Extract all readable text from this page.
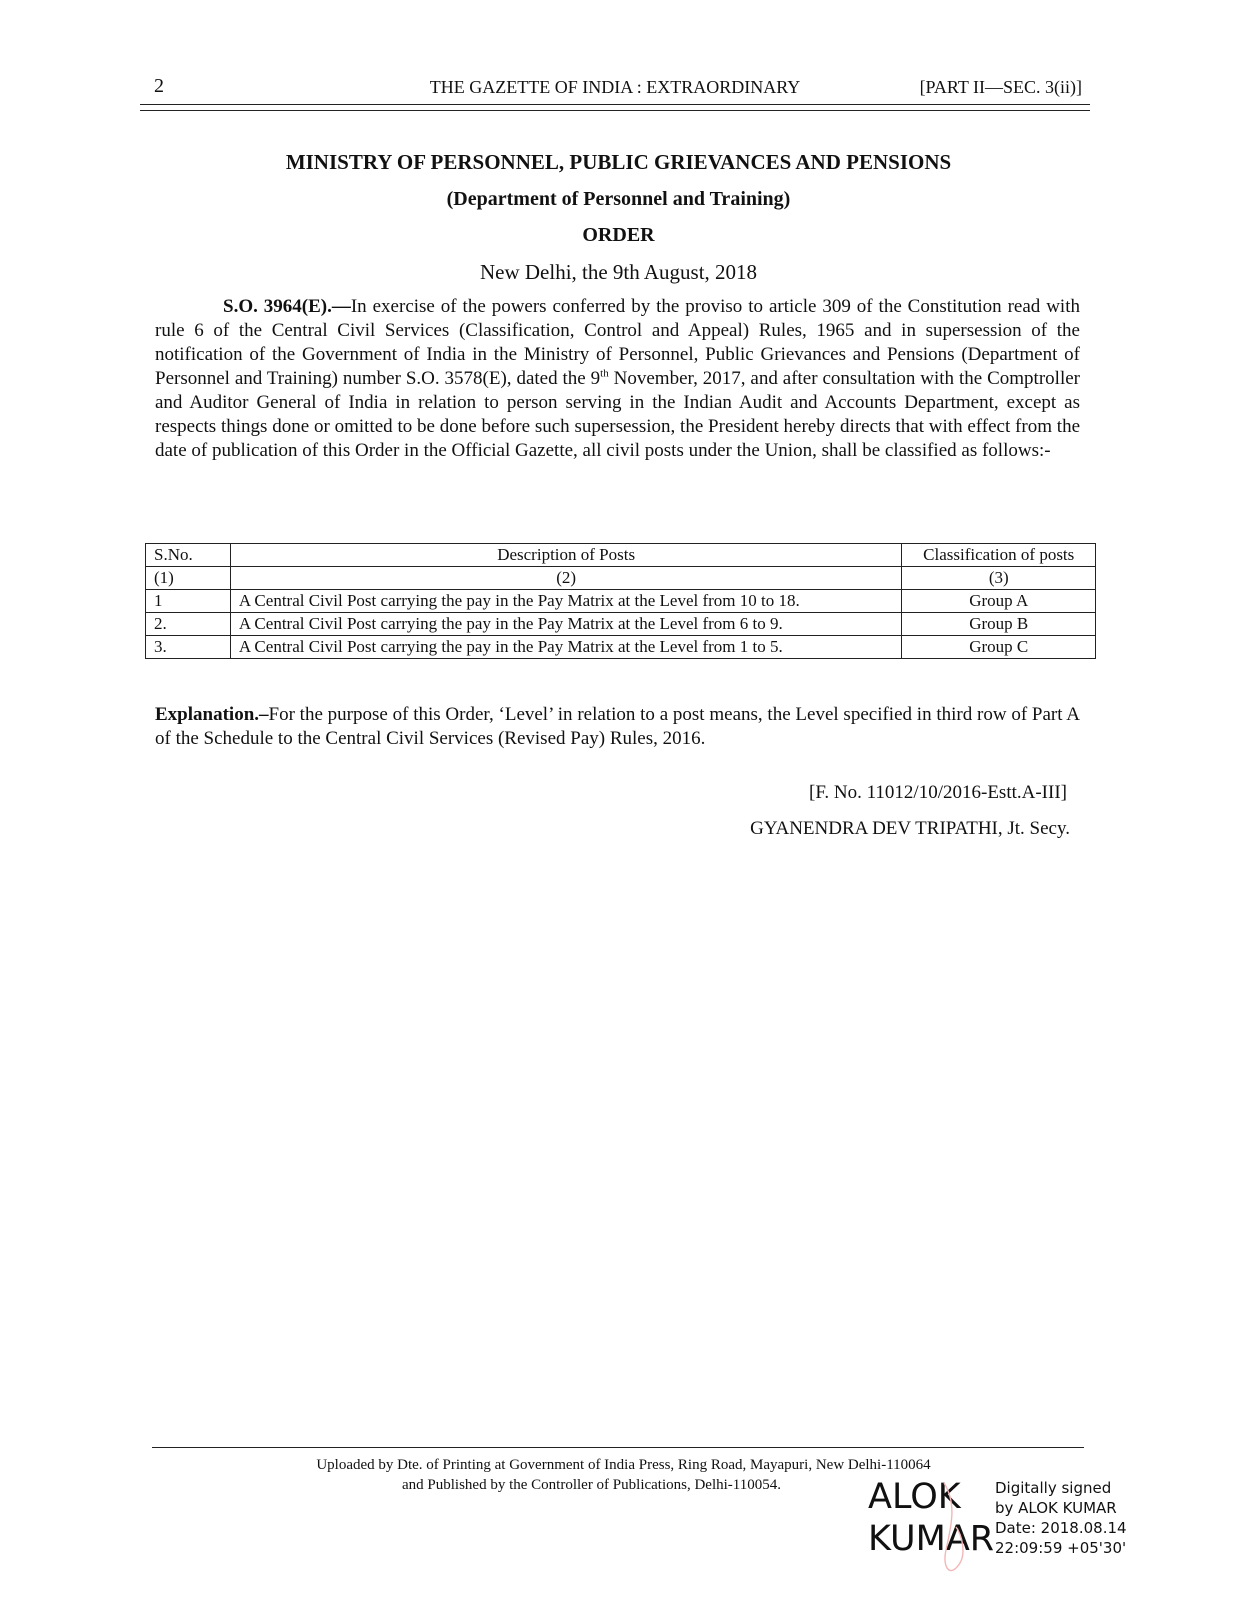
2	THE GAZETTE OF INDIA : EXTRAORDINARY	[PART II—SEC. 3(ii)]
MINISTRY OF PERSONNEL, PUBLIC GRIEVANCES AND PENSIONS
(Department of Personnel and Training)
ORDER
New Delhi, the 9th August, 2018
S.O. 3964(E).—In exercise of the powers conferred by the proviso to article 309 of the Constitution read with rule 6 of the Central Civil Services (Classification, Control and Appeal) Rules, 1965 and in supersession of the notification of the Government of India in the Ministry of Personnel, Public Grievances and Pensions (Department of Personnel and Training) number S.O. 3578(E), dated the 9th November, 2017, and after consultation with the Comptroller and Auditor General of India in relation to person serving in the Indian Audit and Accounts Department, except as respects things done or omitted to be done before such supersession, the President hereby directs that with effect from the date of publication of this Order in the Official Gazette, all civil posts under the Union, shall be classified as follows:-
S.No.	Description of Posts	Classification of posts
(1)	(2)	(3)
1	A Central Civil Post carrying the pay in the Pay Matrix at the Level from 10 to 18.	Group A
2.	A Central Civil Post carrying the pay in the Pay Matrix at the Level from 6 to 9.	Group B
3.	A Central Civil Post carrying the pay in the Pay Matrix at the Level from 1 to 5.	Group C
Explanation.–For the purpose of this Order, ‘Level’ in relation to a post means, the Level specified in third row of Part A of the Schedule to the Central Civil Services (Revised Pay) Rules, 2016.
[F. No. 11012/10/2016-Estt.A-III]
GYANENDRA DEV TRIPATHI, Jt. Secy.
Uploaded by Dte. of Printing at Government of India Press, Ring Road, Mayapuri, New Delhi-110064
and Published by the Controller of Publications, Delhi-110054. ALOK
KUMAR
Digitally signed
by ALOK KUMAR
Date: 2018.08.14
22:09:59 +05'30'
